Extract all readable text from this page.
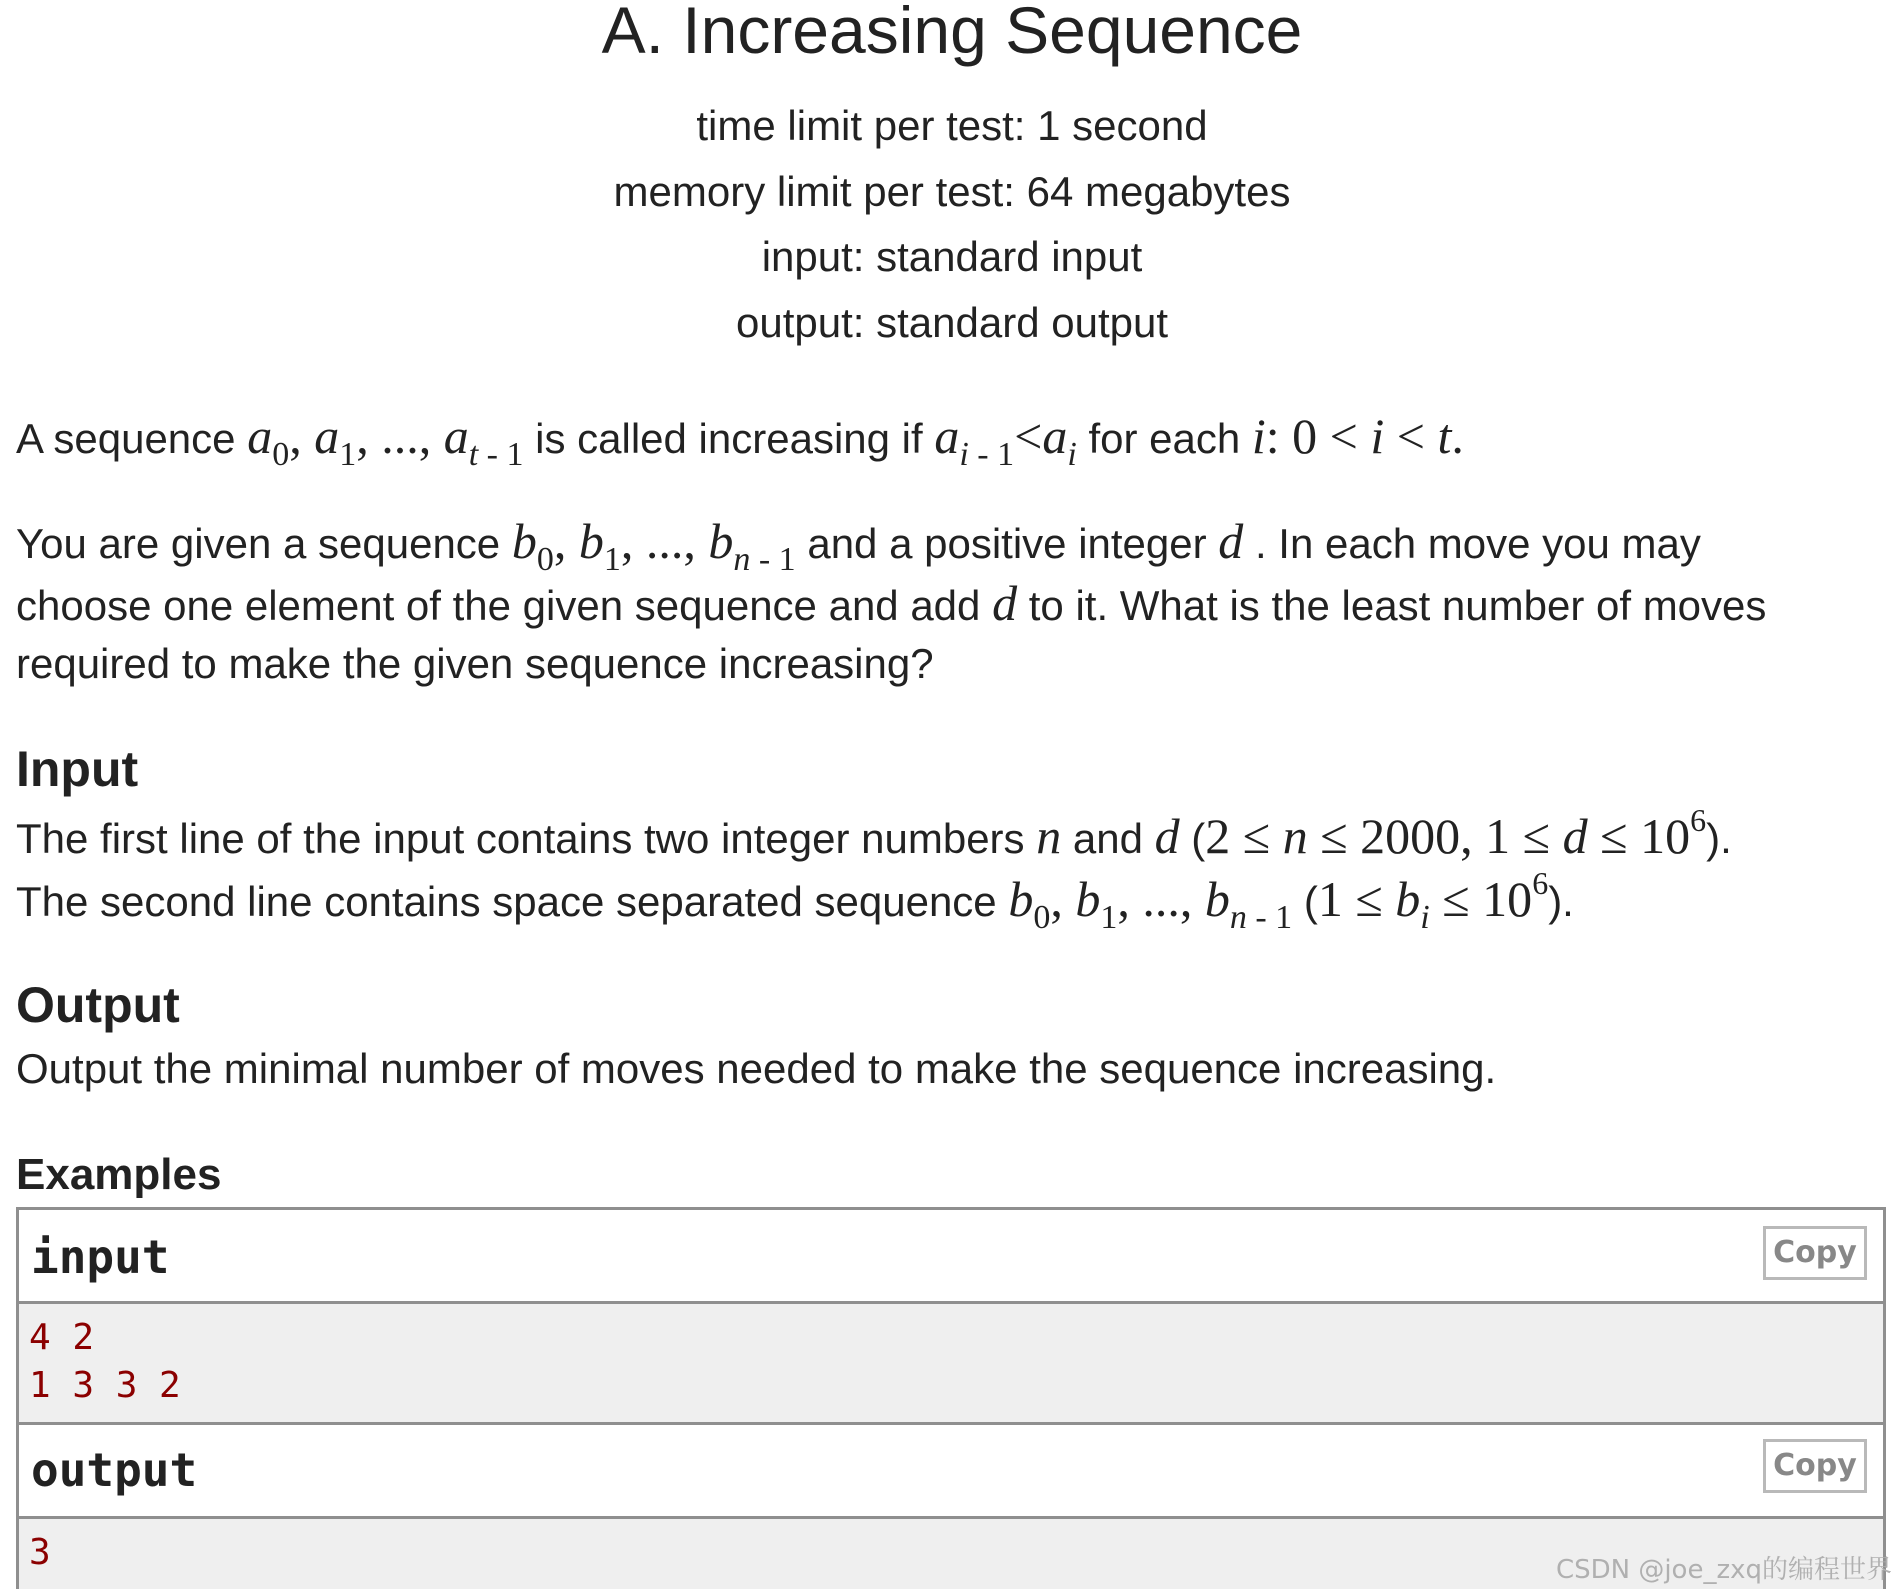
A. Increasing Sequence
time limit per test: 1 second
memory limit per test: 64 megabytes
input: standard input
output: standard output
A sequence $a_0$, $a_1$, ..., $a_{t - 1}$ is called increasing if $a_{i - 1}<a_i$ for each i: 0 < i < t.
You are given a sequence $b_0$, $b_1$, ..., $b_{n - 1}$ and a positive integer d . In each move you may
choose one element of the given sequence and add d to it. What is the least number of moves
required to make the given sequence increasing?
Input
The first line of the input contains two integer numbers n and d (2 ≤ n ≤ 2000, $1 \le d \le 10^6$).
The second line contains space separated sequence $b_0$, $b_1$, ..., $b_{n - 1}$ $(1 \le b_i \le 10^6)$.
Output
Output the minimal number of moves needed to make the sequence increasing.
Examples
input	Copy
4 2
1 3 3 2
output	Copy
3	CSDN @joe_zxq的编程世界
